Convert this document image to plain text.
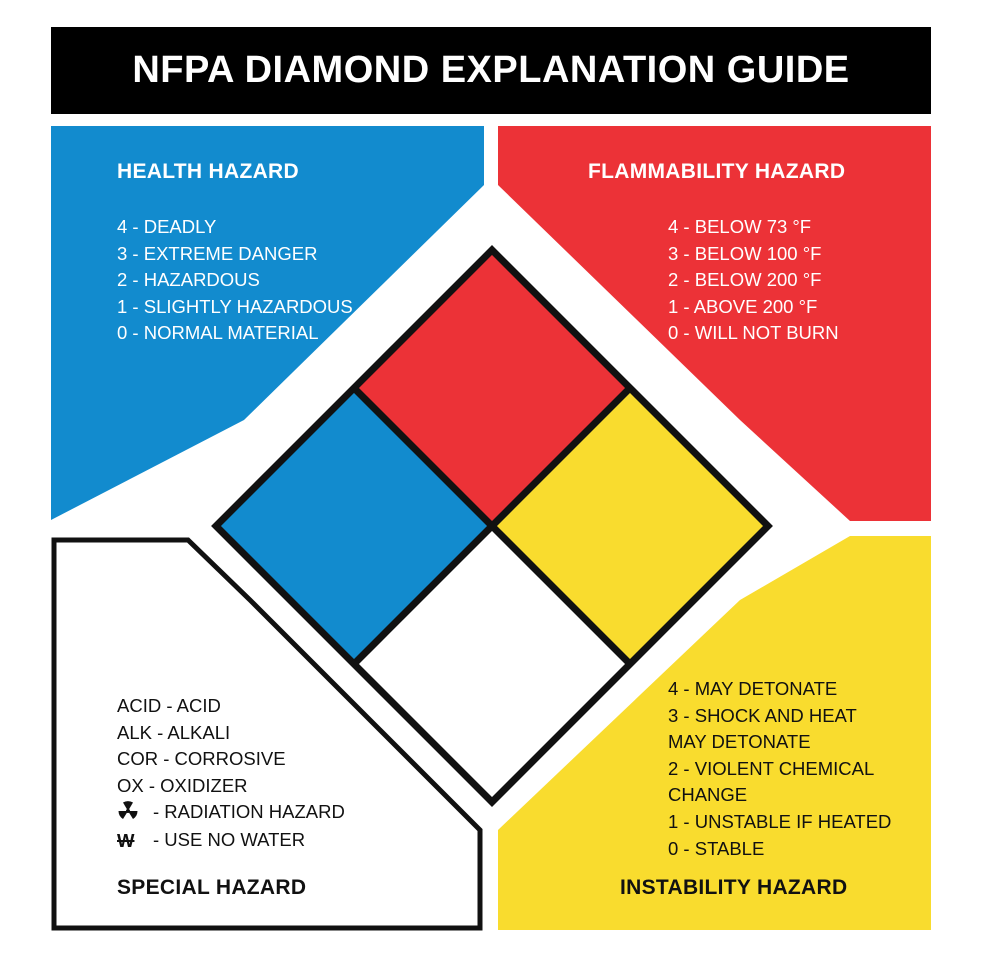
NFPA DIAMOND EXPLANATION GUIDE
HEALTH HAZARD
4 - DEADLY
3 - EXTREME DANGER
2 - HAZARDOUS
1 - SLIGHTLY HAZARDOUS
0 - NORMAL MATERIAL
FLAMMABILITY HAZARD
4 - BELOW 73 °F
3 - BELOW 100 °F
2 - BELOW 200 °F
1 - ABOVE 200 °F
0 - WILL NOT BURN
ACID - ACID
ALK - ALKALI
COR - CORROSIVE
OX - OXIDIZER
- RADIATION HAZARD
W - USE NO WATER
SPECIAL HAZARD
4 - MAY DETONATE
3 - SHOCK AND HEAT
MAY DETONATE
2 - VIOLENT CHEMICAL
CHANGE
1 - UNSTABLE IF HEATED
0 - STABLE
INSTABILITY HAZARD
